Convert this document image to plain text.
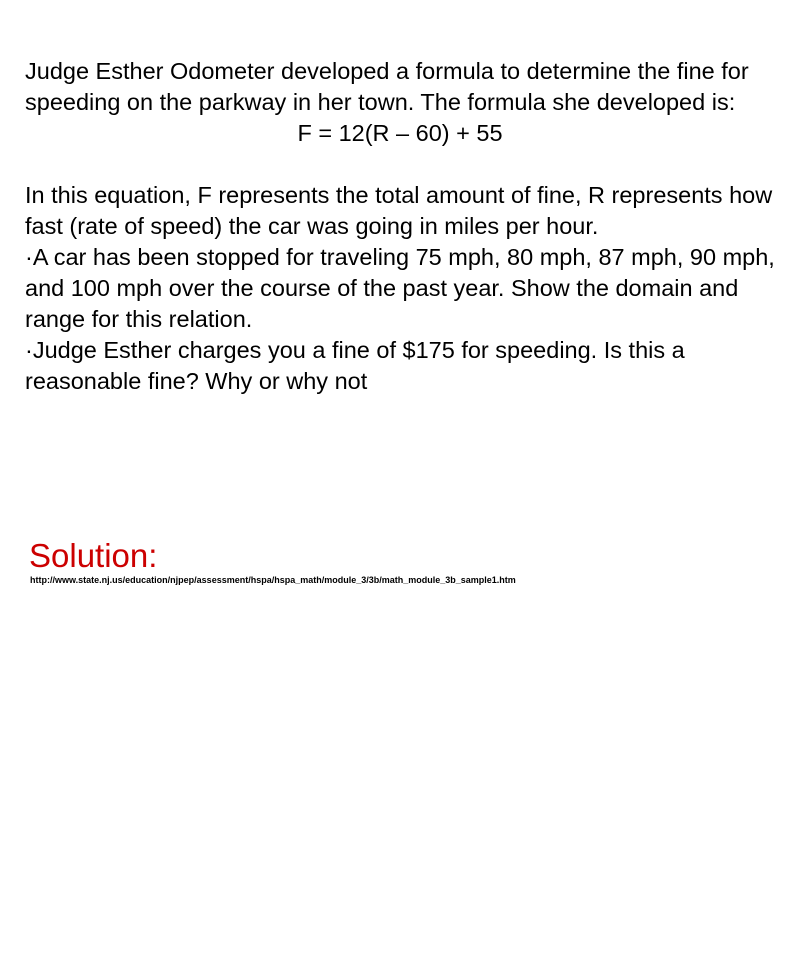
Judge Esther Odometer developed a formula to determine the fine for speeding on the parkway in her town. The formula she developed is:

F = 12(R – 60) + 55

In this equation, F represents the total amount of fine, R represents how fast (rate of speed) the car was going in miles per hour.

·A car has been stopped for traveling 75 mph, 80 mph, 87 mph, 90 mph, and 100 mph over the course of the past year. Show the domain and range for this relation.

·Judge Esther charges you a fine of $175 for speeding. Is this a reasonable fine? Why or why not

Solution:
http://www.state.nj.us/education/njpep/assessment/hspa/hspa_math/module_3/3b/math_module_3b_sample1.htm
